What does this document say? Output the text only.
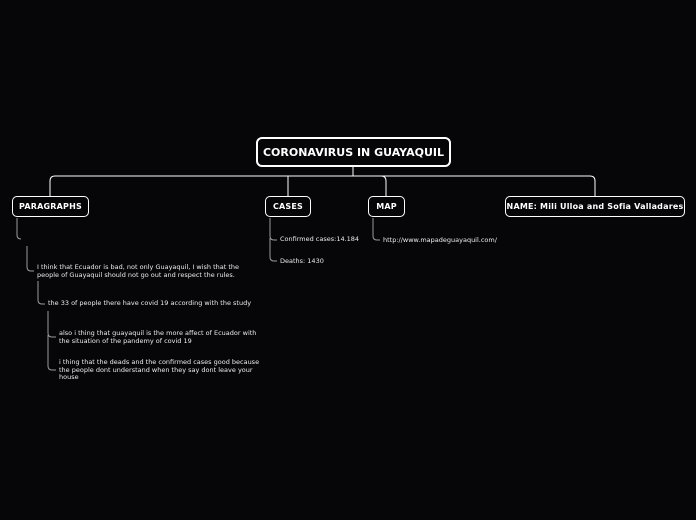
CORONAVIRUS IN GUAYAQUIL
PARAGRAPHS	CASES	MAP	NAME: Mili Ulloa and Sofia Valladares
I think that Ecuador is bad, not only Guayaquil, I wish that the
people of Guayaquil should not go out and respect the rules.
the 33 of people there have covid 19 according with the study
also i thing that guayaquil is the more affect of Ecuador with
the situation of the pandemy of covid 19
i thing that the deads and the confirmed cases good because
the people dont understand when they say dont leave your
house
Confirmed cases:14.184
Deaths: 1430
http://www.mapadeguayaquil.com/
